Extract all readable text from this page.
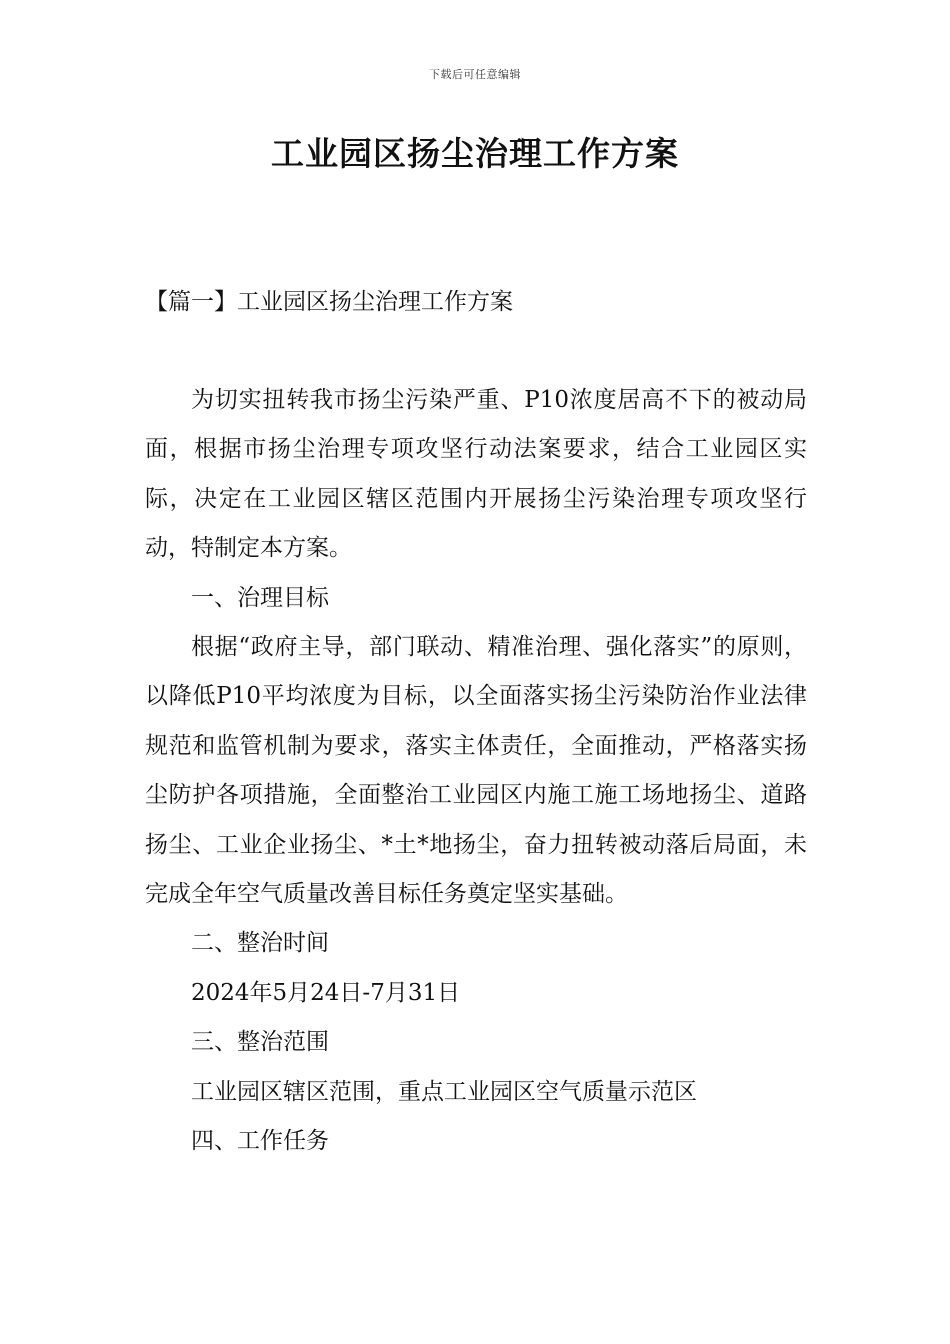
下载后可任意编辑
工业园区扬尘治理工作方案
【篇一】工业园区扬尘治理工作方案

为切实扭转我市扬尘污染严重、P10浓度居高不下的被动局面，根据市扬尘治理专项攻坚行动法案要求，结合工业园区实际，决定在工业园区辖区范围内开展扬尘污染治理专项攻坚行动，特制定本方案。

一、治理目标

根据“政府主导，部门联动、精准治理、强化落实”的原则，以降低P10平均浓度为目标，以全面落实扬尘污染防治作业法律规范和监管机制为要求，落实主体责任，全面推动，严格落实扬尘防护各项措施，全面整治工业园区内施工施工场地扬尘、道路扬尘、工业企业扬尘、*土*地扬尘，奋力扭转被动落后局面，未完成全年空气质量改善目标任务奠定坚实基础。

二、整治时间

2024年5月24日-7月31日

三、整治范围

工业园区辖区范围，重点工业园区空气质量示范区

四、工作任务
